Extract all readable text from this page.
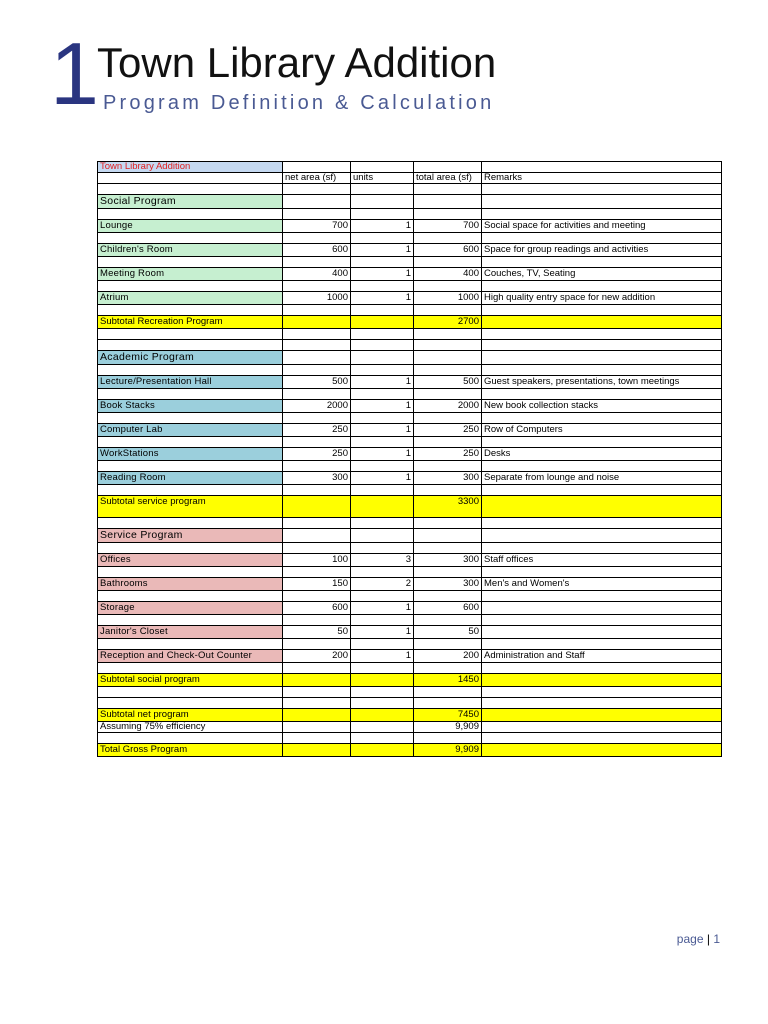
1
Town Library Addition
Program Definition & Calculation
Town Library Addition				
	net area (sf)	units	total area (sf)	Remarks

Social Program				

Lounge	700	1	700	Social space for activities and meeting

Children's Room	600	1	600	Space for group readings and activities

Meeting Room	400	1	400	Couches, TV, Seating

Atrium	1000	1	1000	High quality entry space for new addition

Subtotal Recreation Program			2700	

Academic Program				

Lecture/Presentation Hall	500	1	500	Guest speakers, presentations, town meetings

Book Stacks	2000	1	2000	New book collection stacks

Computer Lab	250	1	250	Row of Computers

WorkStations	250	1	250	Desks

Reading Room	300	1	300	Separate from lounge and noise

Subtotal service program			3300	

Service Program				

Offices	100	3	300	Staff offices

Bathrooms	150	2	300	Men's and Women's

Storage	600	1	600	

Janitor's Closet	50	1	50	

Reception and Check-Out Counter	200	1	200	Administration and Staff

Subtotal social program			1450	

Subtotal net program			7450	
Assuming 75% efficiency			9,909	

Total Gross Program			9,909	
page | 1
